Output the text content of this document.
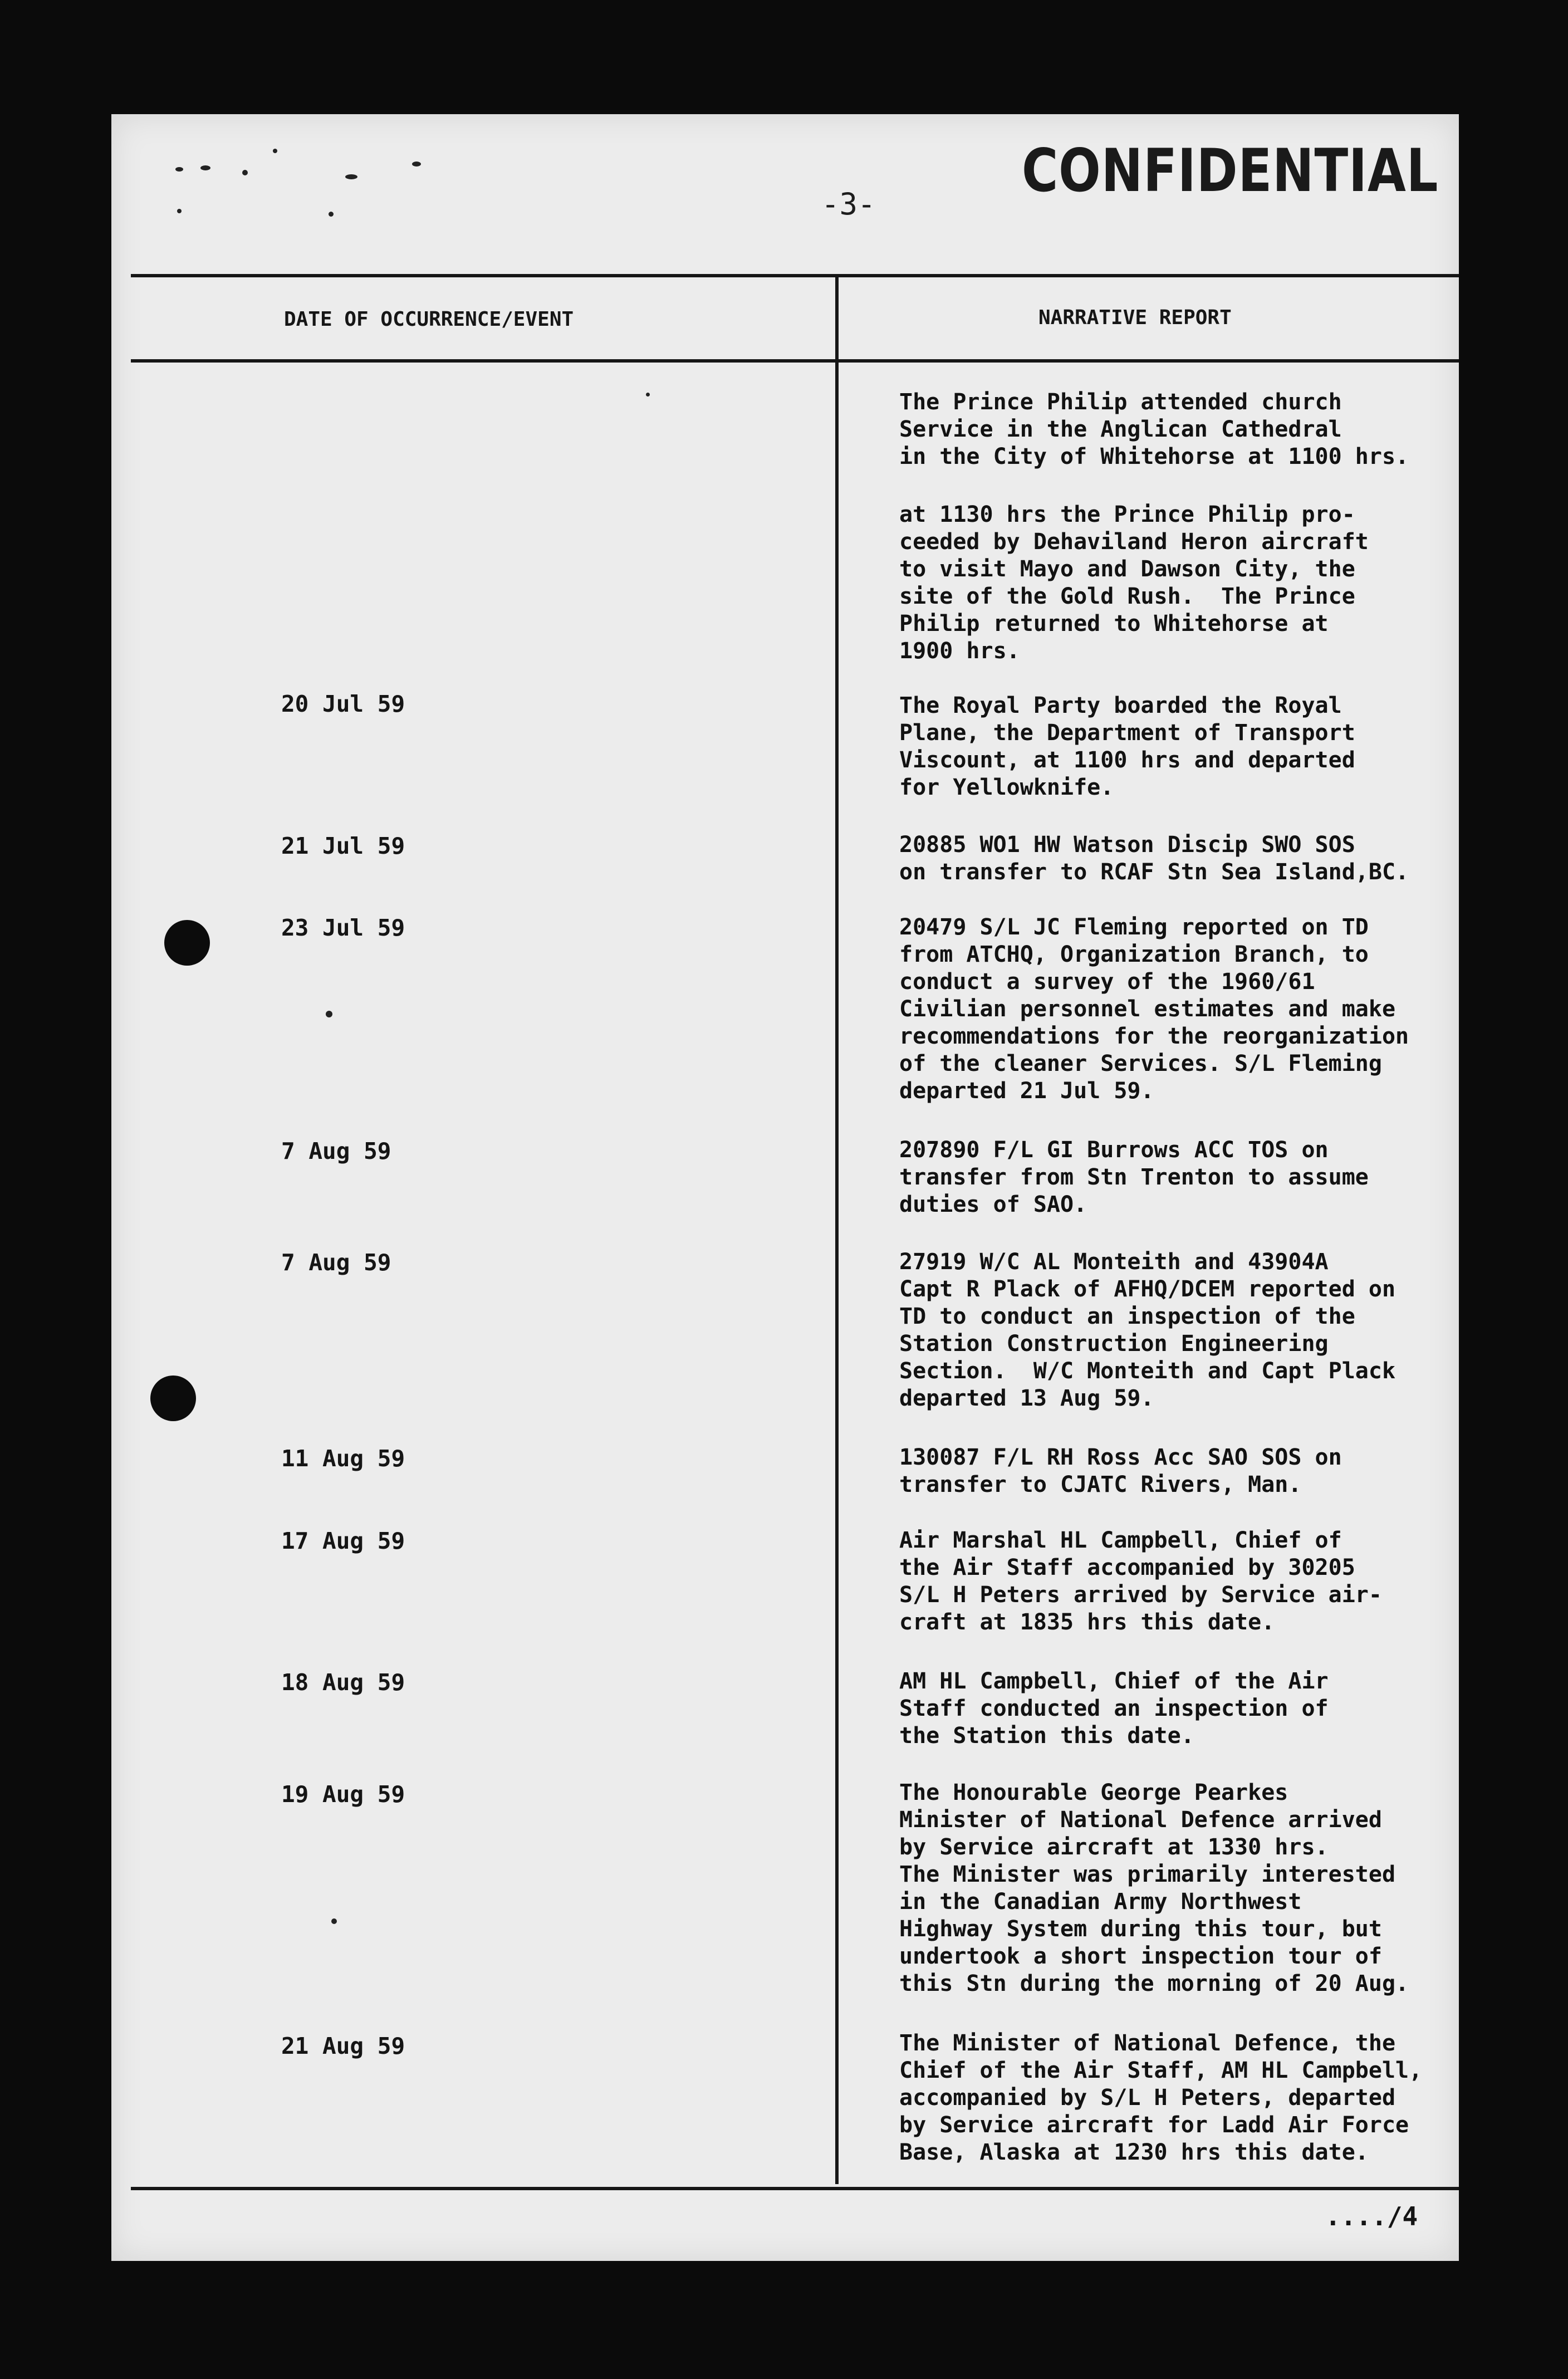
CONFIDENTIAL
-3-
DATE OF OCCURRENCE/EVENT	NARRATIVE REPORT
The Prince Philip attended church
Service in the Anglican Cathedral
in the City of Whitehorse at 1100 hrs.
at 1130 hrs the Prince Philip pro-
ceeded by Dehaviland Heron aircraft
to visit Mayo and Dawson City, the
site of the Gold Rush.  The Prince
Philip returned to Whitehorse at
1900 hrs.
20 Jul 59	The Royal Party boarded the Royal
Plane, the Department of Transport
Viscount, at 1100 hrs and departed
for Yellowknife.
21 Jul 59	20885 WO1 HW Watson Discip SWO SOS
on transfer to RCAF Stn Sea Island,BC.
23 Jul 59	20479 S/L JC Fleming reported on TD
from ATCHQ, Organization Branch, to
conduct a survey of the 1960/61
Civilian personnel estimates and make
recommendations for the reorganization
of the cleaner Services. S/L Fleming
departed 21 Jul 59.
7 Aug 59	207890 F/L GI Burrows ACC TOS on
transfer from Stn Trenton to assume
duties of SAO.
7 Aug 59	27919 W/C AL Monteith and 43904A
Capt R Plack of AFHQ/DCEM reported on
TD to conduct an inspection of the
Station Construction Engineering
Section.  W/C Monteith and Capt Plack
departed 13 Aug 59.
11 Aug 59	130087 F/L RH Ross Acc SAO SOS on
transfer to CJATC Rivers, Man.
17 Aug 59	Air Marshal HL Campbell, Chief of
the Air Staff accompanied by 30205
S/L H Peters arrived by Service air-
craft at 1835 hrs this date.
18 Aug 59	AM HL Campbell, Chief of the Air
Staff conducted an inspection of
the Station this date.
19 Aug 59	The Honourable George Pearkes
Minister of National Defence arrived
by Service aircraft at 1330 hrs.
The Minister was primarily interested
in the Canadian Army Northwest
Highway System during this tour, but
undertook a short inspection tour of
this Stn during the morning of 20 Aug.
21 Aug 59	The Minister of National Defence, the
Chief of the Air Staff, AM HL Campbell,
accompanied by S/L H Peters, departed
by Service aircraft for Ladd Air Force
Base, Alaska at 1230 hrs this date.
..../4
